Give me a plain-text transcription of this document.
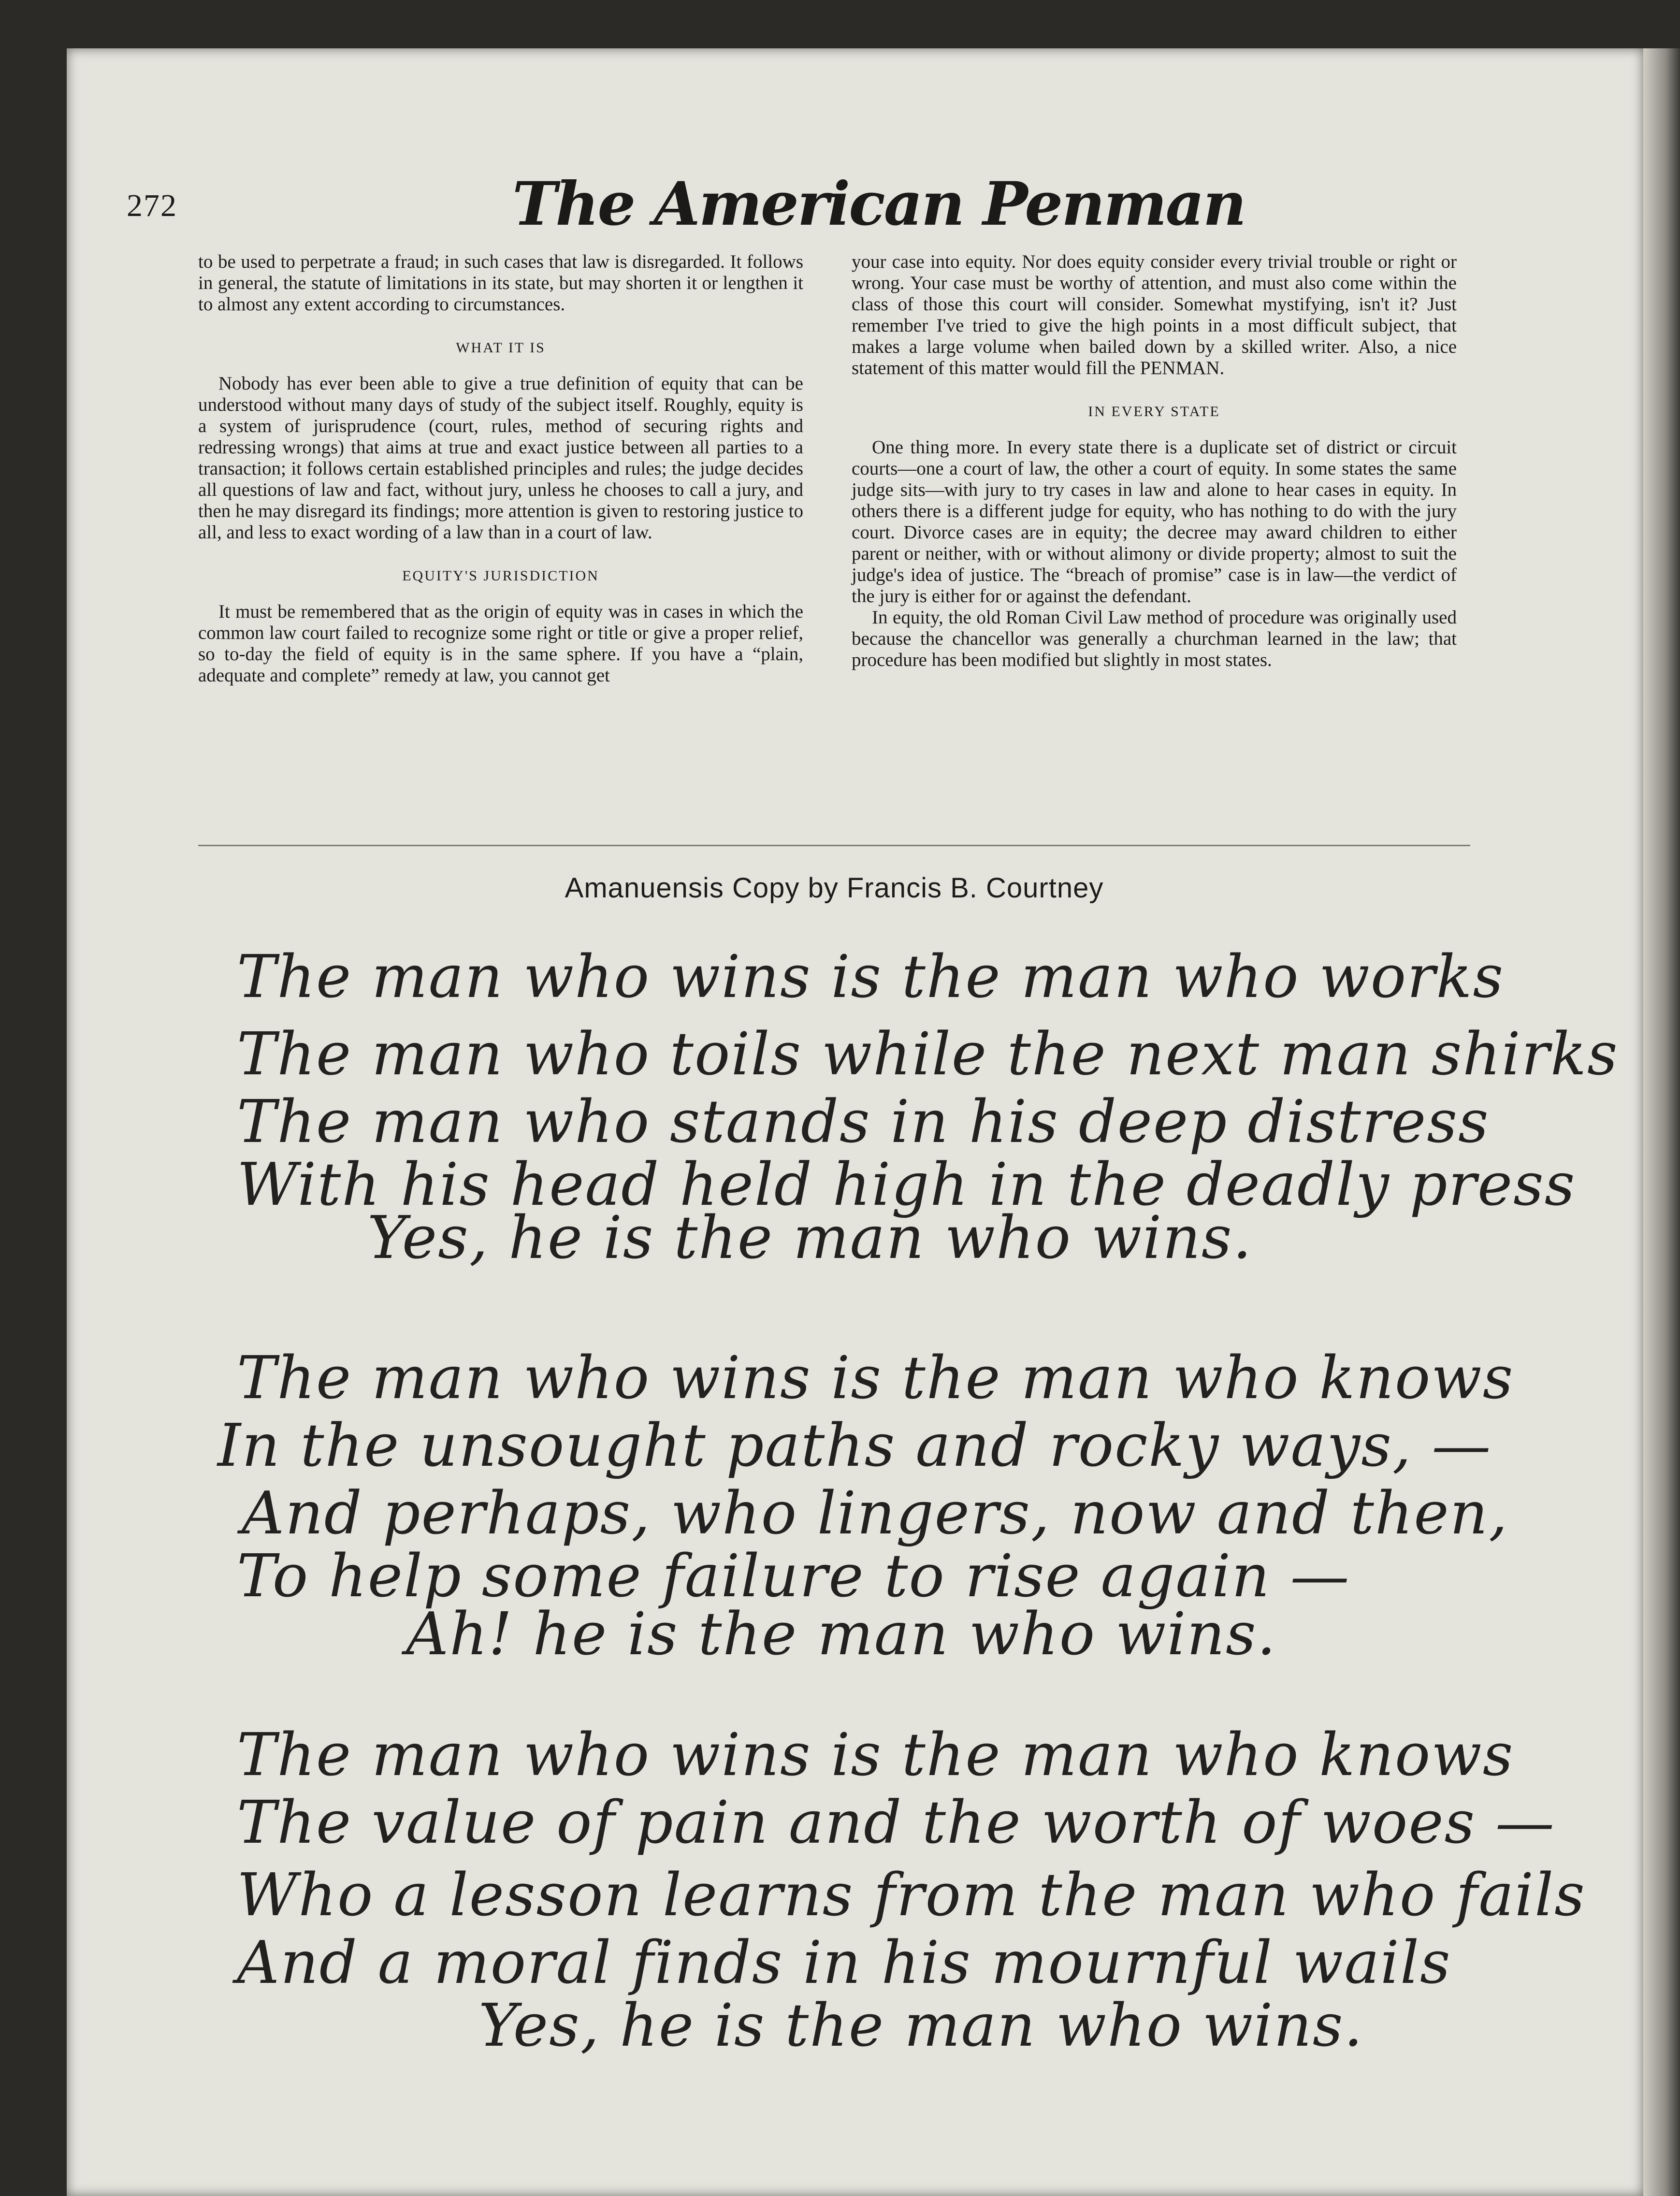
272	The American Penman

to be used to perpetrate a fraud; in such cases that law is disregarded. It follows in general, the statute of limitations in its state, but may shorten it or lengthen it to almost any extent according to circumstances.

WHAT IT IS

Nobody has ever been able to give a true definition of equity that can be understood without many days of study of the subject itself. Roughly, equity is a system of jurisprudence (court, rules, method of securing rights and redressing wrongs) that aims at true and exact justice between all parties to a transaction; it follows certain established principles and rules; the judge decides all questions of law and fact, without jury, unless he chooses to call a jury, and then he may disregard its findings; more attention is given to restoring justice to all, and less to exact wording of a law than in a court of law.

EQUITY'S JURISDICTION

It must be remembered that as the origin of equity was in cases in which the common law court failed to recognize some right or title or give a proper relief, so to-day the field of equity is in the same sphere. If you have a “plain, adequate and complete” remedy at law, you cannot get

your case into equity. Nor does equity consider every trivial trouble or right or wrong. Your case must be worthy of attention, and must also come within the class of those this court will consider. Somewhat mystifying, isn't it? Just remember I've tried to give the high points in a most difficult subject, that makes a large volume when bailed down by a skilled writer. Also, a nice statement of this matter would fill the PENMAN.

IN EVERY STATE

One thing more. In every state there is a duplicate set of district or circuit courts—one a court of law, the other a court of equity. In some states the same judge sits—with jury to try cases in law and alone to hear cases in equity. In others there is a different judge for equity, who has nothing to do with the jury court. Divorce cases are in equity; the decree may award children to either parent or neither, with or without alimony or divide property; almost to suit the judge's idea of justice. The “breach of promise” case is in law—the verdict of the jury is either for or against the defendant.

In equity, the old Roman Civil Law method of procedure was originally used because the chancellor was generally a churchman learned in the law; that procedure has been modified but slightly in most states.

Amanuensis Copy by Francis B. Courtney
The man who wins is the man who works
The man who toils while the next man shirks
The man who stands in his deep distress
With his head held high in the deadly press
Yes, he is the man who wins.
The man who wins is the man who knows
In the unsought paths and rocky ways, —
And perhaps, who lingers, now and then,
To help some failure to rise again —
Ah! he is the man who wins.
The man who wins is the man who knows
The value of pain and the worth of woes —
Who a lesson learns from the man who fails
And a moral finds in his mournful wails
Yes, he is the man who wins.
